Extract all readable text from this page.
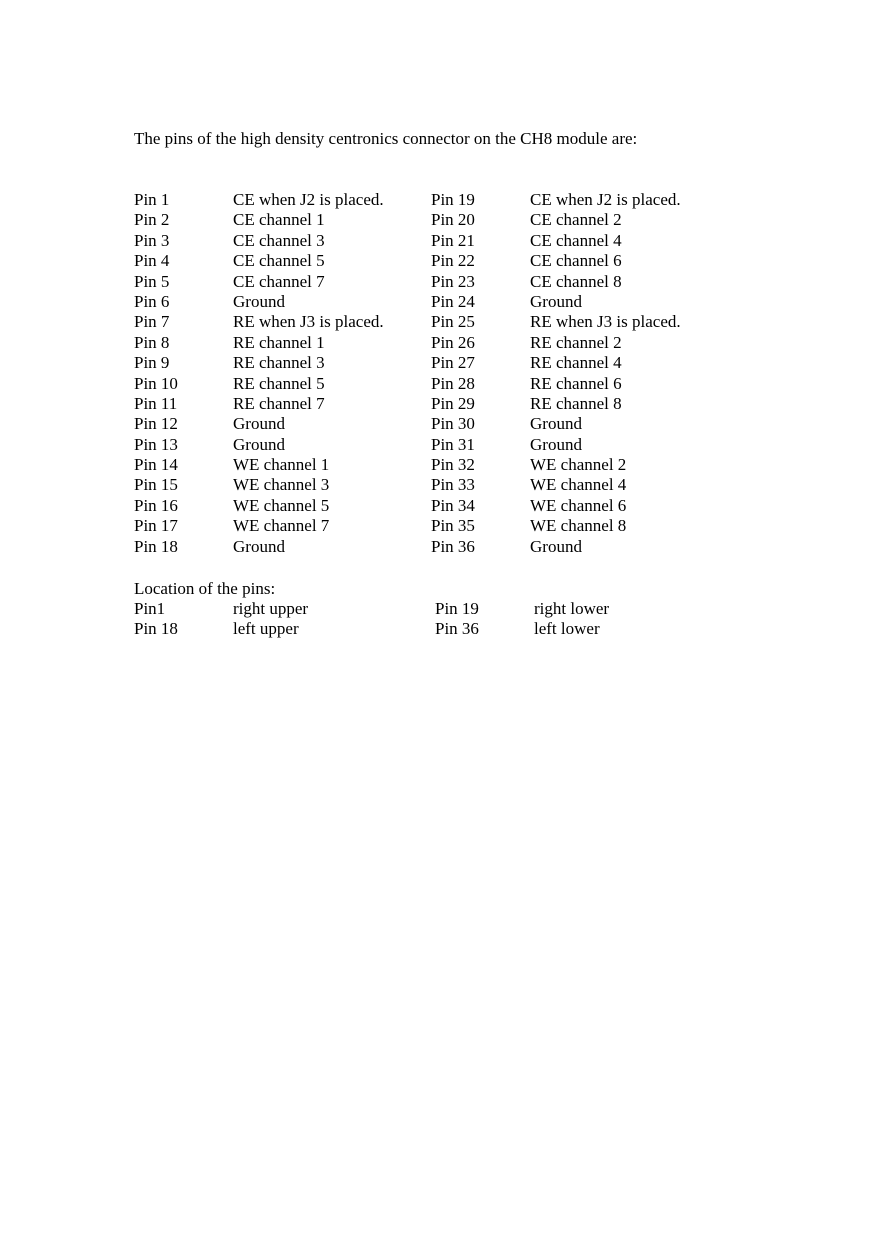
The pins of the high density centronics connector on the CH8 module are:

Pin 1	CE when J2 is placed.	Pin 19	CE when J2 is placed.
Pin 2	CE channel 1	Pin 20	CE channel 2
Pin 3	CE channel 3	Pin 21	CE channel 4
Pin 4	CE channel 5	Pin 22	CE channel 6
Pin 5	CE channel 7	Pin 23	CE channel 8
Pin 6	Ground	Pin 24	Ground
Pin 7	RE when J3 is placed.	Pin 25	RE when J3 is placed.
Pin 8	RE channel 1	Pin 26	RE channel 2
Pin 9	RE channel 3	Pin 27	RE channel 4
Pin 10	RE channel 5	Pin 28	RE channel 6
Pin 11	RE channel 7	Pin 29	RE channel 8
Pin 12	Ground	Pin 30	Ground
Pin 13	Ground	Pin 31	Ground
Pin 14	WE channel 1	Pin 32	WE channel 2
Pin 15	WE channel 3	Pin 33	WE channel 4
Pin 16	WE channel 5	Pin 34	WE channel 6
Pin 17	WE channel 7	Pin 35	WE channel 8
Pin 18	Ground	Pin 36	Ground

Location of the pins:

Pin1	right upper	Pin 19	right lower
Pin 18	left upper	Pin 36	left lower
